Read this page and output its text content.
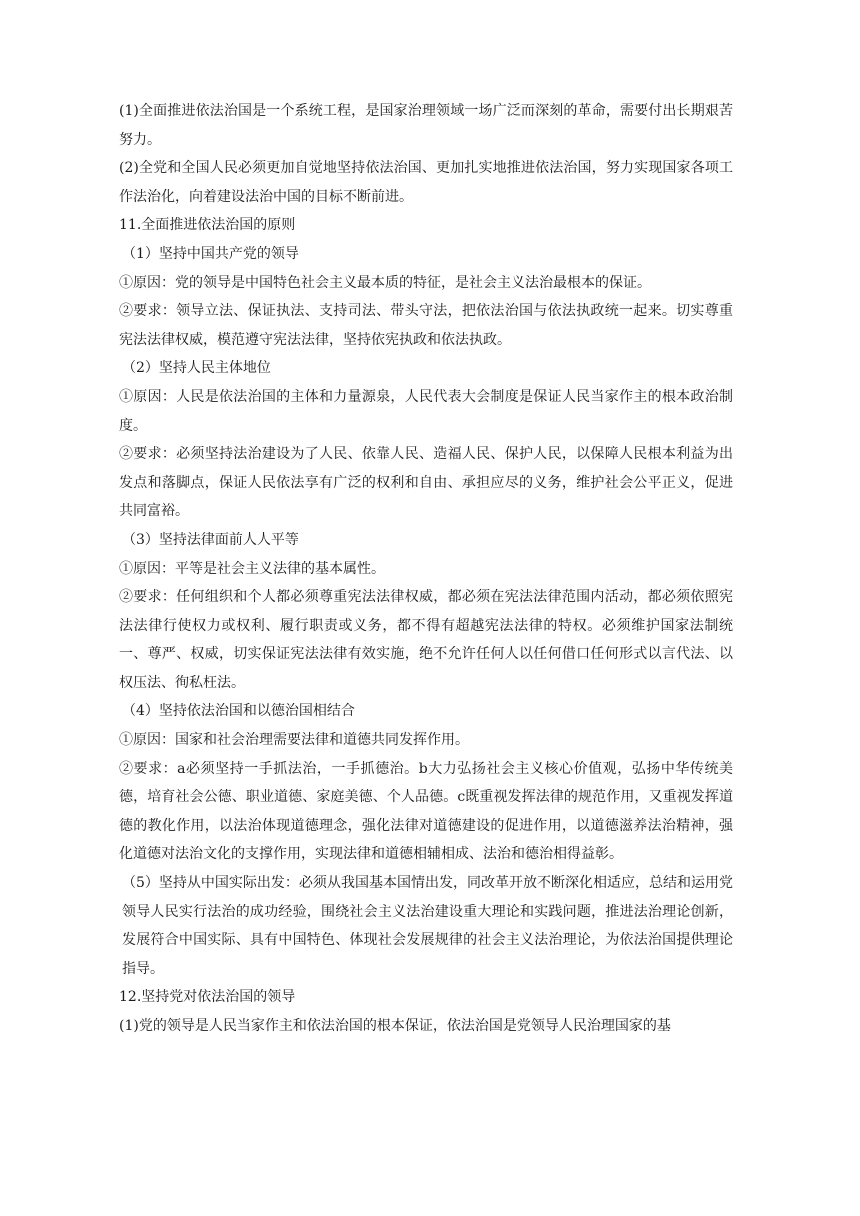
(1)全面推进依法治国是一个系统工程，是国家治理领域一场广泛而深刻的革命，需要付出长期艰苦努力。

(2)全党和全国人民必须更加自觉地坚持依法治国、更加扎实地推进依法治国，努力实现国家各项工作法治化，向着建设法治中国的目标不断前进。

11.全面推进依法治国的原则

（1）坚持中国共产党的领导

①原因：党的领导是中国特色社会主义最本质的特征，是社会主义法治最根本的保证。

②要求：领导立法、保证执法、支持司法、带头守法，把依法治国与依法执政统一起来。切实尊重宪法法律权威，模范遵守宪法法律，坚持依宪执政和依法执政。

（2）坚持人民主体地位

①原因：人民是依法治国的主体和力量源泉，人民代表大会制度是保证人民当家作主的根本政治制度。

②要求：必须坚持法治建设为了人民、依靠人民、造福人民、保护人民，以保障人民根本利益为出发点和落脚点，保证人民依法享有广泛的权利和自由、承担应尽的义务，维护社会公平正义，促进共同富裕。

（3）坚持法律面前人人平等

①原因：平等是社会主义法律的基本属性。

②要求：任何组织和个人都必须尊重宪法法律权威，都必须在宪法法律范围内活动，都必须依照宪法法律行使权力或权利、履行职责或义务，都不得有超越宪法法律的特权。必须维护国家法制统一、尊严、权威，切实保证宪法法律有效实施，绝不允许任何人以任何借口任何形式以言代法、以权压法、徇私枉法。

（4）坚持依法治国和以德治国相结合

①原因：国家和社会治理需要法律和道德共同发挥作用。

②要求：a必须坚持一手抓法治，一手抓德治。b大力弘扬社会主义核心价值观，弘扬中华传统美德，培育社会公德、职业道德、家庭美德、个人品德。c既重视发挥法律的规范作用，又重视发挥道德的教化作用，以法治体现道德理念，强化法律对道德建设的促进作用，以道德滋养法治精神，强化道德对法治文化的支撑作用，实现法律和道德相辅相成、法治和德治相得益彰。

（5）坚持从中国实际出发：必须从我国基本国情出发，同改革开放不断深化相适应，总结和运用党领导人民实行法治的成功经验，围绕社会主义法治建设重大理论和实践问题，推进法治理论创新，发展符合中国实际、具有中国特色、体现社会发展规律的社会主义法治理论，为依法治国提供理论指导。

12.坚持党对依法治国的领导

(1)党的领导是人民当家作主和依法治国的根本保证，依法治国是党领导人民治理国家的基
